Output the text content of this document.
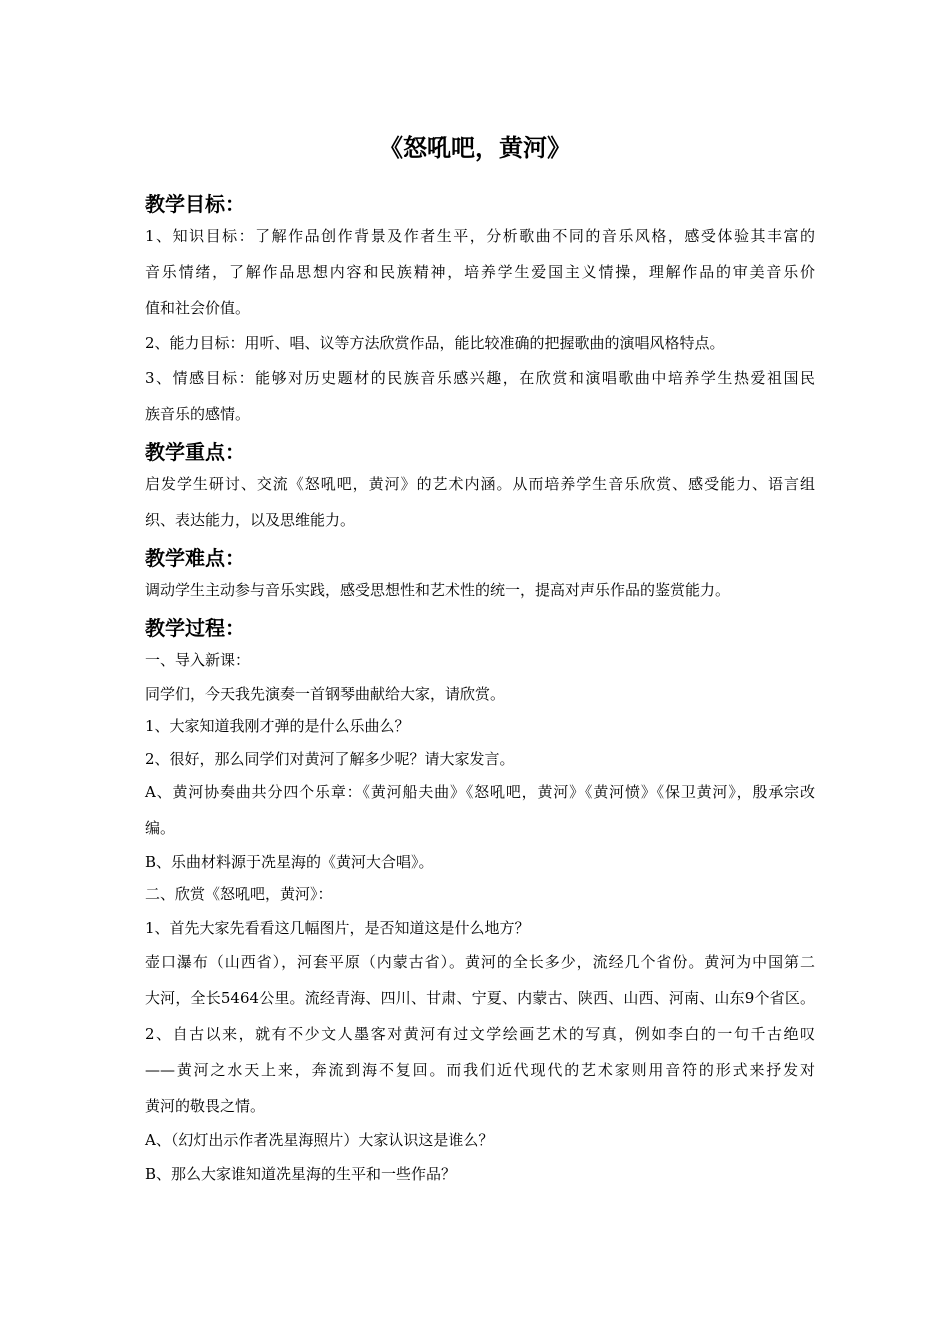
《怒吼吧，黄河》
教学目标：
1、知识目标：了解作品创作背景及作者生平，分析歌曲不同的音乐风格，感受体验其丰富的
音乐情绪，了解作品思想内容和民族精神，培养学生爱国主义情操，理解作品的审美音乐价
值和社会价值。
2、能力目标：用听、唱、议等方法欣赏作品，能比较准确的把握歌曲的演唱风格特点。
3、情感目标：能够对历史题材的民族音乐感兴趣，在欣赏和演唱歌曲中培养学生热爱祖国民
族音乐的感情。
教学重点：
启发学生研讨、交流《怒吼吧，黄河》的艺术内涵。从而培养学生音乐欣赏、感受能力、语言组
织、表达能力，以及思维能力。
教学难点：
调动学生主动参与音乐实践，感受思想性和艺术性的统一，提高对声乐作品的鉴赏能力。
教学过程：
一、导入新课：
同学们，今天我先演奏一首钢琴曲献给大家，请欣赏。
1、大家知道我刚才弹的是什么乐曲么？
2、很好，那么同学们对黄河了解多少呢？请大家发言。
A、黄河协奏曲共分四个乐章：《黄河船夫曲》《怒吼吧，黄河》《黄河愤》《保卫黄河》，殷承宗改
编。
B、乐曲材料源于冼星海的《黄河大合唱》。
二、欣赏《怒吼吧，黄河》：
1、首先大家先看看这几幅图片，是否知道这是什么地方？
壶口瀑布（山西省），河套平原（内蒙古省）。黄河的全长多少，流经几个省份。黄河为中国第二
大河，全长5464公里。流经青海、四川、甘肃、宁夏、内蒙古、陕西、山西、河南、山东9个省区。
2、自古以来，就有不少文人墨客对黄河有过文学绘画艺术的写真，例如李白的一句千古绝叹
——黄河之水天上来，奔流到海不复回。而我们近代现代的艺术家则用音符的形式来抒发对
黄河的敬畏之情。
A、（幻灯出示作者冼星海照片）大家认识这是谁么？
B、那么大家谁知道冼星海的生平和一些作品？
